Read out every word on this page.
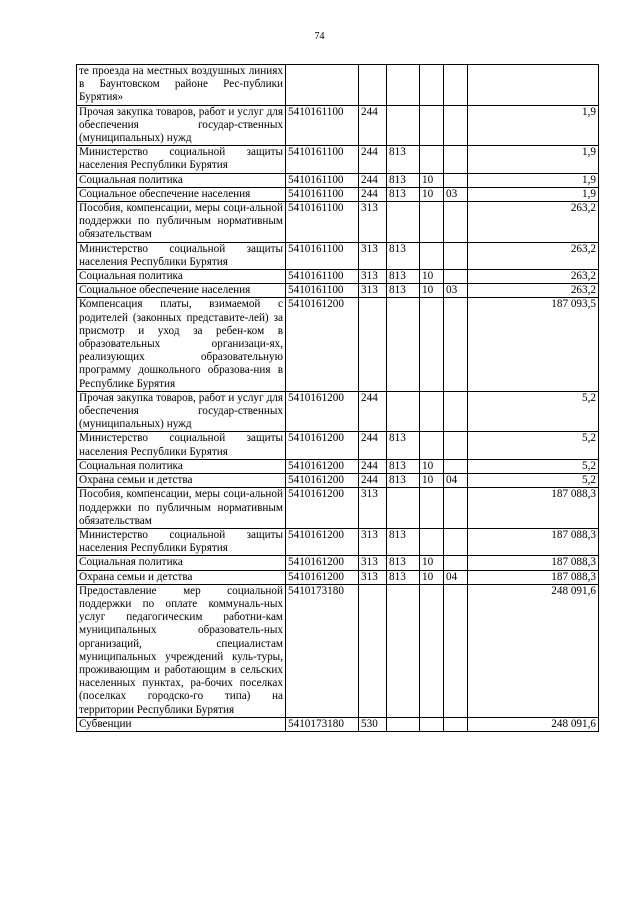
74
те проезда на местных воздушных линиях в Баунтовском районе Рес-публики Бурятия»						
Прочая закупка товаров, работ и услуг для обеспечения государ-ственных (муниципальных) нужд	5410161100	244				1,9
Министерство социальной защиты населения Республики Бурятия	5410161100	244	813			1,9
Социальная политика	5410161100	244	813	10		1,9
Социальное обеспечение населения	5410161100	244	813	10	03	1,9
Пособия, компенсации, меры соци-альной поддержки по публичным нормативным обязательствам	5410161100	313				263,2
Министерство социальной защиты населения Республики Бурятия	5410161100	313	813			263,2
Социальная политика	5410161100	313	813	10		263,2
Социальное обеспечение населения	5410161100	313	813	10	03	263,2
Компенсация платы, взимаемой с родителей (законных представите-лей) за присмотр и уход за ребен-ком в образовательных организаци-ях, реализующих образовательную программу дошкольного образова-ния в Республике Бурятия	5410161200					187 093,5
Прочая закупка товаров, работ и услуг для обеспечения государ-ственных (муниципальных) нужд	5410161200	244				5,2
Министерство социальной защиты населения Республики Бурятия	5410161200	244	813			5,2
Социальная политика	5410161200	244	813	10		5,2
Охрана семьи и детства	5410161200	244	813	10	04	5,2
Пособия, компенсации, меры соци-альной поддержки по публичным нормативным обязательствам	5410161200	313				187 088,3
Министерство социальной защиты населения Республики Бурятия	5410161200	313	813			187 088,3
Социальная политика	5410161200	313	813	10		187 088,3
Охрана семьи и детства	5410161200	313	813	10	04	187 088,3
Предоставление мер социальной поддержки по оплате коммуналь-ных услуг педагогическим работни-кам муниципальных образователь-ных организаций, специалистам муниципальных учреждений куль-туры, проживающим и работающим в сельских населенных пунктах, ра-бочих поселках (поселках городско-го типа) на территории Республики Бурятия	5410173180					248 091,6
Субвенции	5410173180	530				248 091,6
